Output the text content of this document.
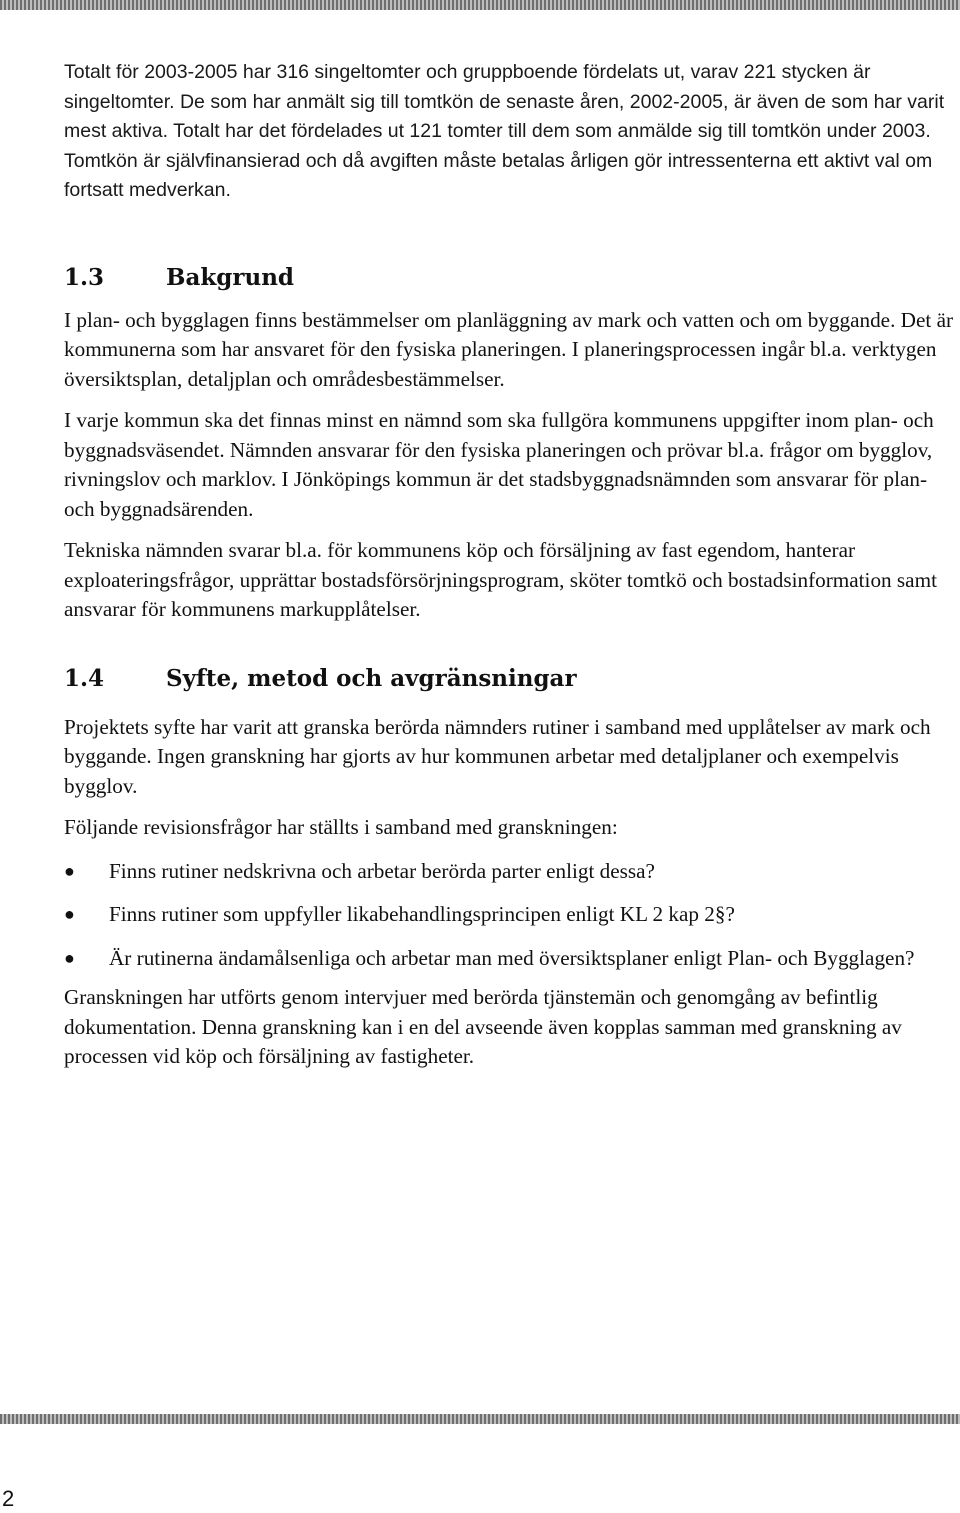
Totalt för 2003-2005 har 316 singeltomter och gruppboende fördelats ut, varav 221 stycken är singeltomter. De som har anmält sig till tomtkön de senaste åren, 2002-2005, är även de som har varit mest aktiva. Totalt har det fördelades ut 121 tomter till dem som anmälde sig till tomtkön under 2003. Tomtkön är självfinansierad och då avgiften måste betalas årligen gör intressenterna ett aktivt val om fortsatt medverkan.

1.3	Bakgrund

I plan- och bygglagen finns bestämmelser om planläggning av mark och vatten och om byggande. Det är kommunerna som har ansvaret för den fysiska planeringen. I planeringsprocessen ingår bl.a. verktygen översiktsplan, detaljplan och områdesbestämmelser.

I varje kommun ska det finnas minst en nämnd som ska fullgöra kommunens uppgifter inom plan- och byggnadsväsendet. Nämnden ansvarar för den fysiska planeringen och prövar bl.a. frågor om bygglov, rivningslov och marklov. I Jönköpings kommun är det stadsbyggnadsnämnden som ansvarar för plan- och byggnadsärenden.

Tekniska nämnden svarar bl.a. för kommunens köp och försäljning av fast egendom, hanterar exploateringsfrågor, upprättar bostadsförsörjningsprogram, sköter tomtkö och bostadsinformation samt ansvarar för kommunens markupplåtelser.

1.4	Syfte, metod och avgränsningar

Projektets syfte har varit att granska berörda nämnders rutiner i samband med upplåtelser av mark och byggande. Ingen granskning har gjorts av hur kommunen arbetar med detaljplaner och exempelvis bygglov.

Följande revisionsfrågor har ställts i samband med granskningen:

●	Finns rutiner nedskrivna och arbetar berörda parter enligt dessa?
●	Finns rutiner som uppfyller likabehandlingsprincipen enligt KL 2 kap 2§?
●	Är rutinerna ändamålsenliga och arbetar man med översiktsplaner enligt Plan- och Bygglagen?

Granskningen har utförts genom intervjuer med berörda tjänstemän och genomgång av befintlig dokumentation. Denna granskning kan i en del avseende även kopplas samman med granskning av processen vid köp och försäljning av fastigheter.

2
